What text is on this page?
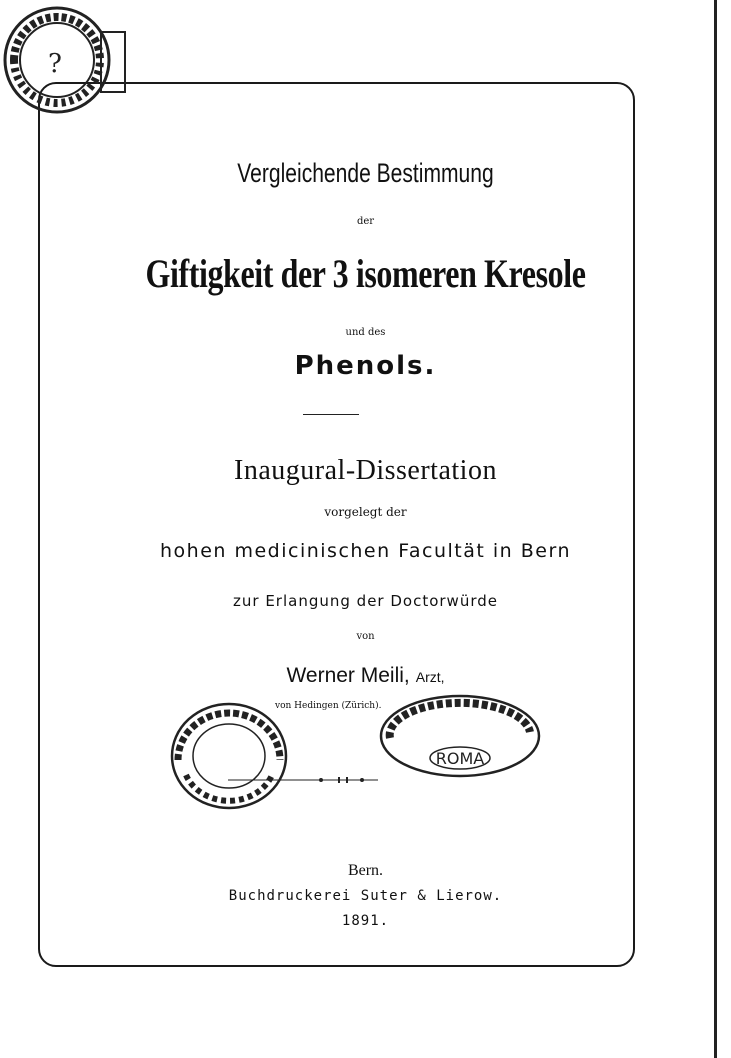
?
Vergleichende Bestimmung
der
Giftigkeit der 3 isomeren Kresole
und des
Phenols.
Inaugural-Dissertation
vorgelegt der
hohen medicinischen Facultät in Bern
zur Erlangung der Doctorwürde
von
Werner Meili, Arzt,
von Hedingen (Zürich).
ROMA
Bern.
Buchdruckerei Suter & Lierow.
1891.
